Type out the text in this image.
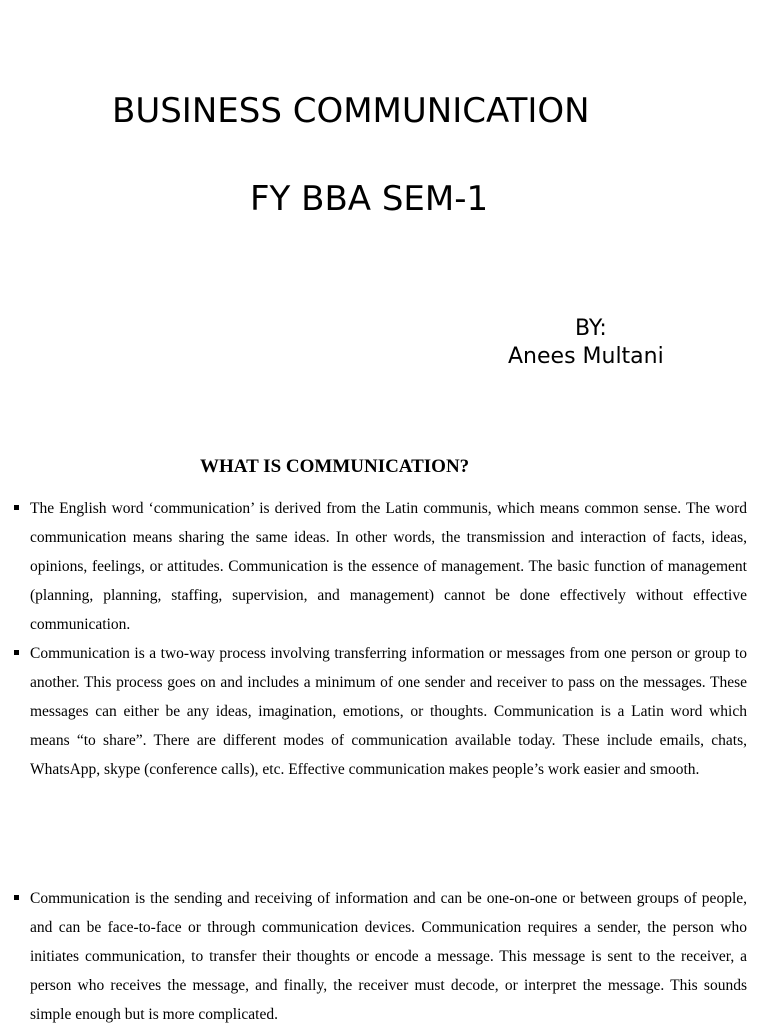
BUSINESS COMMUNICATION
FY BBA SEM-1
BY:
Anees Multani
WHAT IS COMMUNICATION?
The English word ‘communication’ is derived from the Latin communis, which means common sense. The word communication means sharing the same ideas. In other words, the transmission and interaction of facts, ideas, opinions, feelings, or attitudes. Communication is the essence of management. The basic function of management (planning, planning, staffing, supervision, and management) cannot be done effectively without effective communication.
Communication is a two-way process involving transferring information or messages from one person or group to another. This process goes on and includes a minimum of one sender and receiver to pass on the messages. These messages can either be any ideas, imagination, emotions, or thoughts. Communication is a Latin word which means “to share”. There are different modes of communication available today. These include emails, chats, WhatsApp, skype (conference calls), etc. Effective communication makes people’s work easier and smooth.
Communication is the sending and receiving of information and can be one-on-one or between groups of people, and can be face-to-face or through communication devices. Communication requires a sender, the person who initiates communication, to transfer their thoughts or encode a message. This message is sent to the receiver, a person who receives the message, and finally, the receiver must decode, or interpret the message. This sounds simple enough but is more complicated.
